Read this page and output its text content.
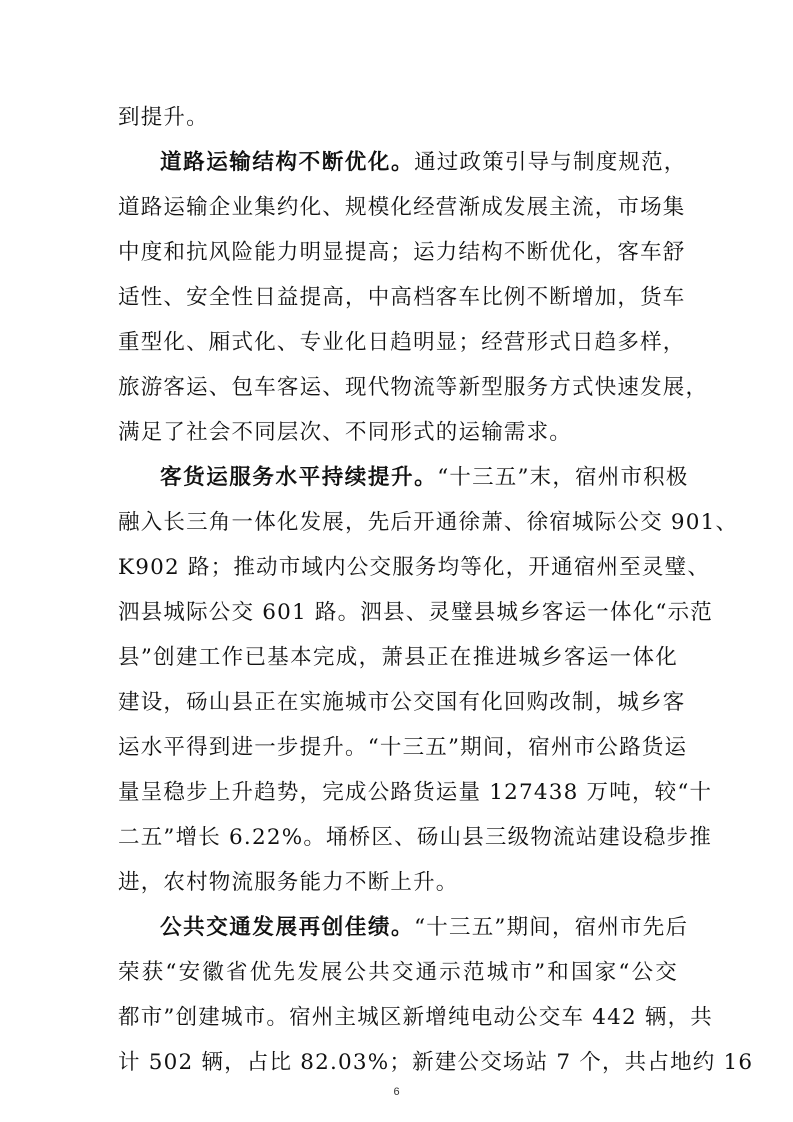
到提升。
道路运输结构不断优化。通过政策引导与制度规范，
道路运输企业集约化、规模化经营渐成发展主流，市场集
中度和抗风险能力明显提高；运力结构不断优化，客车舒
适性、安全性日益提高，中高档客车比例不断增加，货车
重型化、厢式化、专业化日趋明显；经营形式日趋多样，
旅游客运、包车客运、现代物流等新型服务方式快速发展，
满足了社会不同层次、不同形式的运输需求。
客货运服务水平持续提升。“十三五”末，宿州市积极
融入长三角一体化发展，先后开通徐萧、徐宿城际公交 901、
K902 路；推动市域内公交服务均等化，开通宿州至灵璧、
泗县城际公交 601 路。泗县、灵璧县城乡客运一体化“示范
县”创建工作已基本完成，萧县正在推进城乡客运一体化
建设，砀山县正在实施城市公交国有化回购改制，城乡客
运水平得到进一步提升。“十三五”期间，宿州市公路货运
量呈稳步上升趋势，完成公路货运量 127438 万吨，较“十
二五”增长 6.22%。埇桥区、砀山县三级物流站建设稳步推
进，农村物流服务能力不断上升。
公共交通发展再创佳绩。“十三五”期间，宿州市先后
荣获“安徽省优先发展公共交通示范城市”和国家“公交
都市”创建城市。宿州主城区新增纯电动公交车 442 辆，共
计 502 辆，占比 82.03%；新建公交场站 7 个，共占地约 16
6
